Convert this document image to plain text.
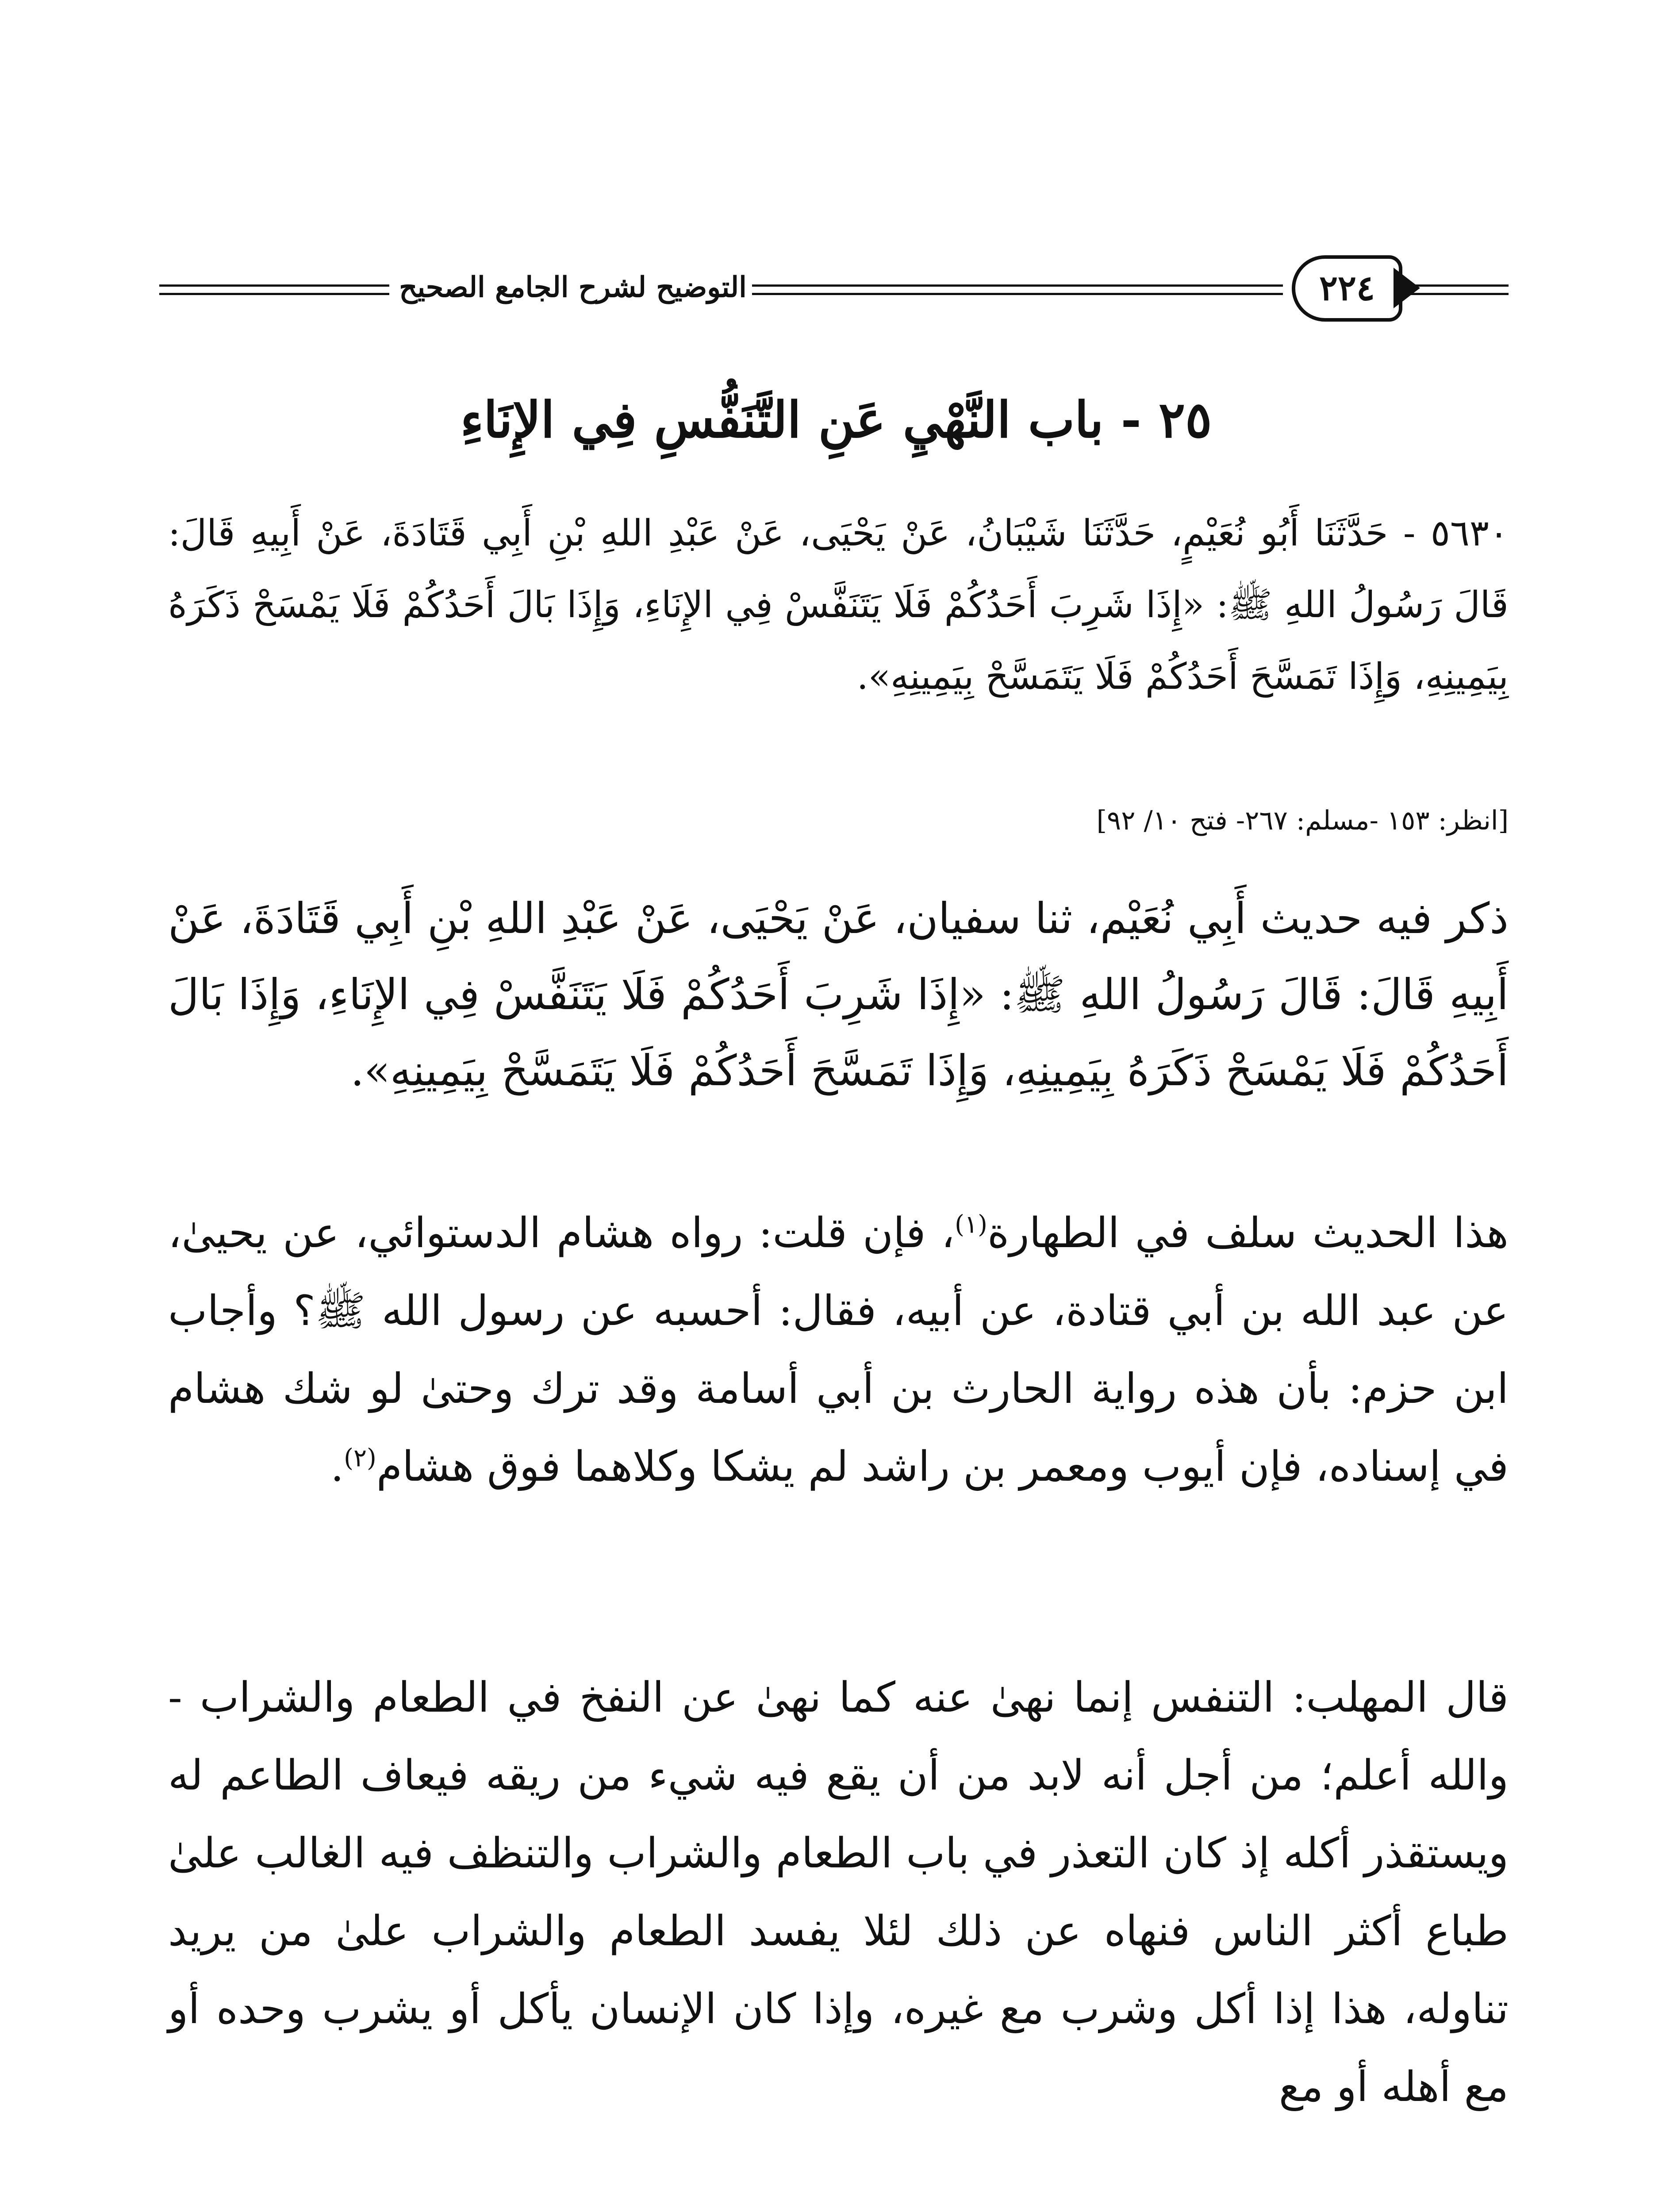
التوضيح لشرح الجامع الصحيح	٢٢٤
٢٥ - باب النَّهْيِ عَنِ التَّنَفُّسِ فِي الإِنَاءِ
٥٦٣٠ - حَدَّثَنَا أَبُو نُعَيْمٍ، حَدَّثَنَا شَيْبَانُ، عَنْ يَحْيَى، عَنْ عَبْدِ اللهِ بْنِ أَبِي قَتَادَةَ، عَنْ أَبِيهِ قَالَ: قَالَ رَسُولُ اللهِ ﷺ: «إِذَا شَرِبَ أَحَدُكُمْ فَلَا يَتَنَفَّسْ فِي الإِنَاءِ، وَإِذَا بَالَ أَحَدُكُمْ فَلَا يَمْسَحْ ذَكَرَهُ بِيَمِينِهِ، وَإِذَا تَمَسَّحَ أَحَدُكُمْ فَلَا يَتَمَسَّحْ بِيَمِينِهِ».
[انظر: ١٥٣ -مسلم: ٢٦٧- فتح ١٠/ ٩٢]
ذكر فيه حديث أَبِي نُعَيْم، ثنا سفيان، عَنْ يَحْيَى، عَنْ عَبْدِ اللهِ بْنِ أَبِي قَتَادَةَ، عَنْ أَبِيهِ قَالَ: قَالَ رَسُولُ اللهِ ﷺ: «إِذَا شَرِبَ أَحَدُكُمْ فَلَا يَتَنَفَّسْ فِي الإِنَاءِ، وَإِذَا بَالَ أَحَدُكُمْ فَلَا يَمْسَحْ ذَكَرَهُ بِيَمِينِهِ، وَإِذَا تَمَسَّحَ أَحَدُكُمْ فَلَا يَتَمَسَّحْ بِيَمِينِهِ».
هذا الحديث سلف في الطهارة$^{(١)}$، فإن قلت: رواه هشام الدستوائي، عن يحيىٰ، عن عبد الله بن أبي قتادة، عن أبيه، فقال: أحسبه عن رسول الله ﷺ؟ وأجاب ابن حزم: بأن هذه رواية الحارث بن أبي أسامة وقد ترك وحتىٰ لو شك هشام في إسناده، فإن أيوب ومعمر بن راشد لم يشكا وكلاهما فوق هشام$^{(٢)}$.
قال المهلب: التنفس إنما نهىٰ عنه كما نهىٰ عن النفخ في الطعام والشراب - والله أعلم؛ من أجل أنه لابد من أن يقع فيه شيء من ريقه فيعاف الطاعم له ويستقذر أكله إذ كان التعذر في باب الطعام والشراب والتنظف فيه الغالب علىٰ طباع أكثر الناس فنهاه عن ذلك لئلا يفسد الطعام والشراب علىٰ من يريد تناوله، هذا إذا أكل وشرب مع غيره، وإذا كان الإنسان يأكل أو يشرب وحده أو مع أهله أو مع
